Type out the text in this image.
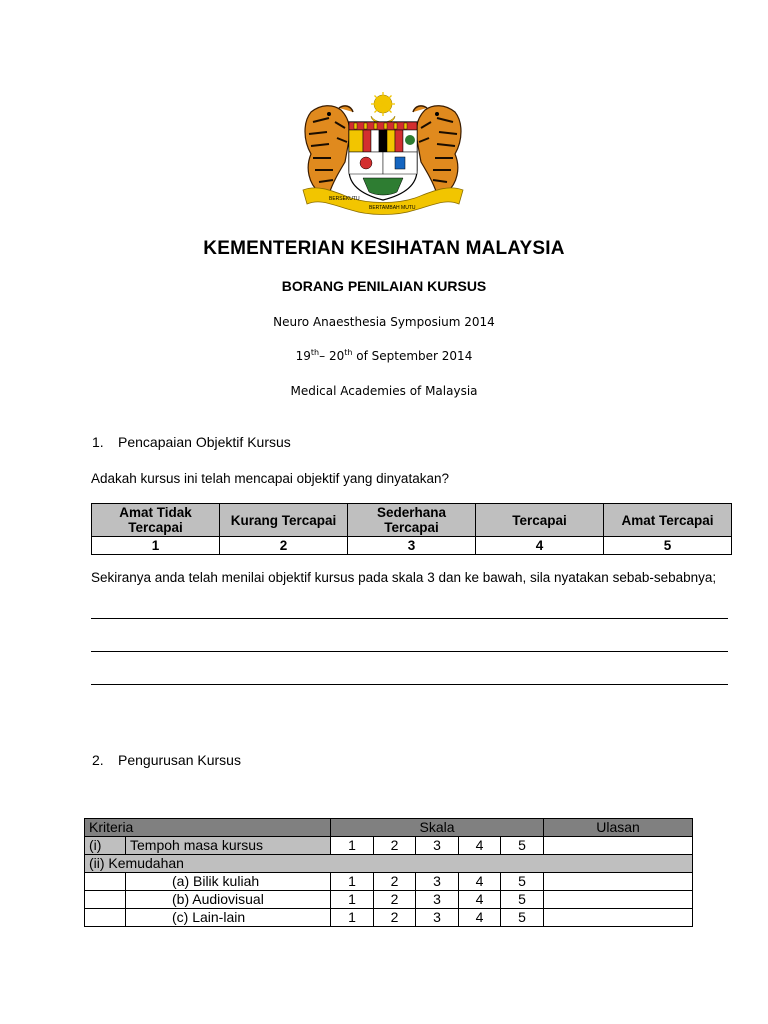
BERSEKUTU
BERTAMBAH MUTU
KEMENTERIAN KESIHATAN MALAYSIA
BORANG PENILAIAN KURSUS
Neuro Anaesthesia Symposium 2014
19th– 20th of September 2014
Medical Academies of Malaysia
1. Pencapaian Objektif Kursus
Adakah kursus ini telah mencapai objektif yang dinyatakan?
Amat Tidak Tercapai	Kurang Tercapai	Sederhana Tercapai	Tercapai	Amat Tercapai
1	2	3	4	5
Sekiranya anda telah menilai objektif kursus pada skala 3 dan ke bawah, sila nyatakan sebab-sebabnya;
2. Pengurusan Kursus
Kriteria		Skala					Ulasan
(i)	Tempoh masa kursus	1	2	3	4	5	
(ii) Kemudahan							
	(a) Bilik kuliah	1	2	3	4	5	
	(b) Audiovisual	1	2	3	4	5	
	(c) Lain-lain	1	2	3	4	5	
